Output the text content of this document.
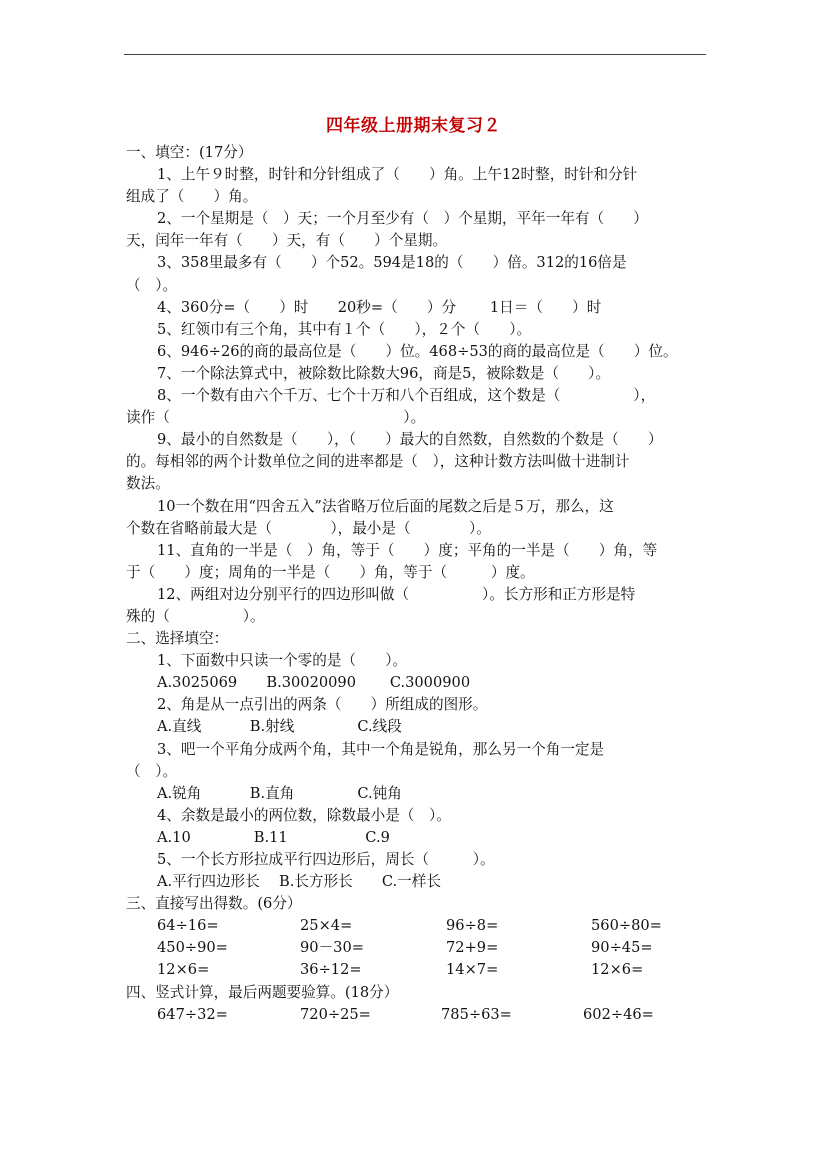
四年级上册期末复习２
一、填空：(17分）
1、上午９时整，时针和分针组成了（　　）角。上午12时整，时针和分针
组成了（　　）角。
2、一个星期是（　）天；一个月至少有（　）个星期，平年一年有（　　）
天，闰年一年有（　　）天，有（　　）个星期。
3、358里最多有（　　）个52。594是18的（　　）倍。312的16倍是
（　）。
4、360分=（　　）时　　20秒=（　　）分　　 1日＝（　　）时
5、红领巾有三个角，其中有１个（　　），２个（　　）。
6、946÷26的商的最高位是（　　）位。468÷53的商的最高位是（　　）位。
7、一个除法算式中，被除数比除数大96，商是5，被除数是（　　）。
8、一个数有由六个千万、七个十万和八个百组成，这个数是（　　　　　），
读作（　　　　　　　　　　　　　　　　）。
9、最小的自然数是（　　），（　　）最大的自然数，自然数的个数是（　　）
的。每相邻的两个计数单位之间的进率都是（　），这种计数方法叫做十进制计
数法。
10一个数在用“四舍五入”法省略万位后面的尾数之后是５万，那么，这
个数在省略前最大是（　　　　），最小是（　　　　）。
11、直角的一半是（　）角，等于（　　）度；平角的一半是（　　）角，等
于（　　）度；周角的一半是（　　）角，等于（　　　）度。
12、两组对边分别平行的四边形叫做（　　　　　）。长方形和正方形是特
殊的（　　　　　）。
二、选择填空：
1、下面数中只读一个零的是（　　）。
A.3025069　　B.30020090　　 C.3000900
2、角是从一点引出的两条（　　）所组成的图形。
A.直线　　　 B.射线　　　　 C.线段
3、吧一个平角分成两个角，其中一个角是锐角，那么另一个角一定是
（　）。
A.锐角　　　 B.直角　　　　 C.钝角
4、余数是最小的两位数，除数最小是（　）。
A.10　　　　 B.11　　　　　 C.9
5、一个长方形拉成平行四边形后，周长（　　　）。
A.平行四边形长　 B.长方形长　　C.一样长
三、直接写出得数。(6分）
64÷16=	25×4=	96÷8=	560÷80=
450÷90=	90－30=	72+9=	90÷45=
12×6=	36÷12=	14×7=	12×6=
四、竖式计算，最后两题要验算。(18分）
647÷32=	720÷25=	785÷63=	602÷46=
